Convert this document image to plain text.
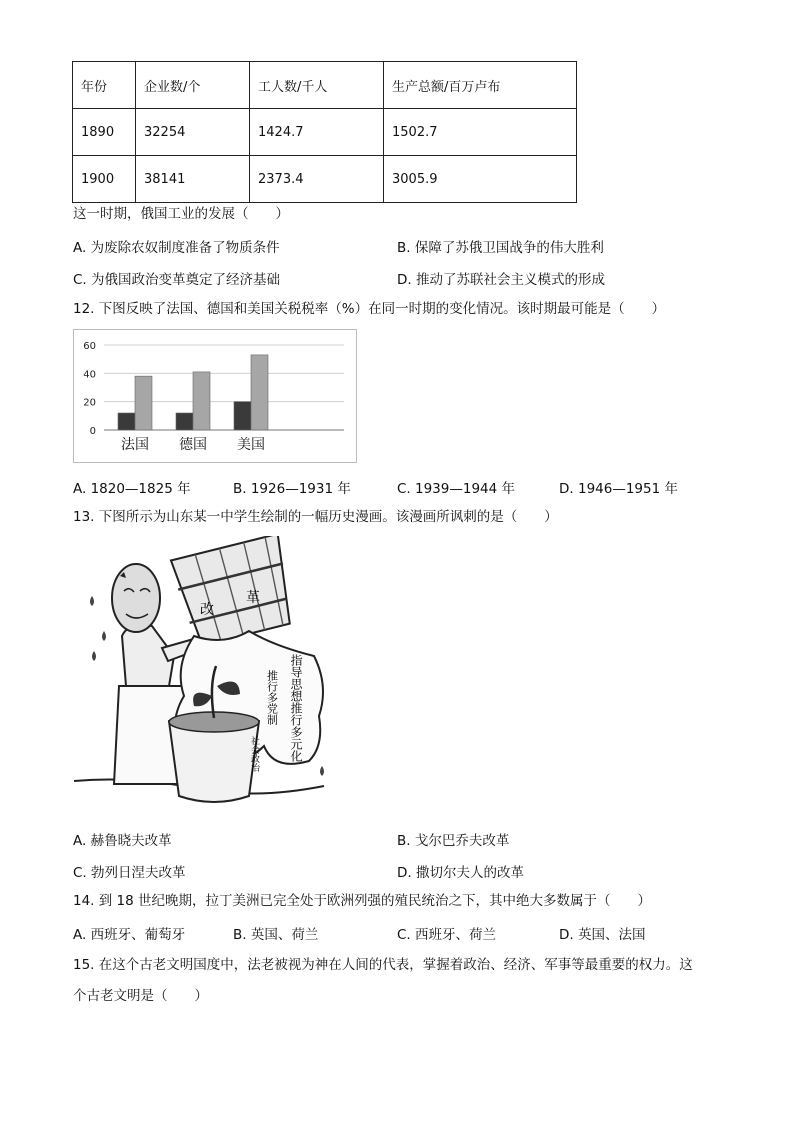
年份	企业数/个	工人数/千人	生产总额/百万卢布
1890	32254	1424.7	1502.7
1900	38141	2373.4	3005.9
这一时期，俄国工业的发展（　　）
A. 为废除农奴制度准备了物质条件	B. 保障了苏俄卫国战争的伟大胜利
C. 为俄国政治变革奠定了经济基础	D. 推动了苏联社会主义模式的形成
12. 下图反映了法国、德国和美国关税税率（%）在同一时期的变化情况。该时期最可能是（　　）
0
20
40
60
法国 德国 美国
A. 1820—1825 年	B. 1926—1931 年	C. 1939—1944 年	D. 1946—1951 年
13. 下图所示为山东某一中学生绘制的一幅历史漫画。该漫画所讽刺的是（　　）
改
革
指导思想推行多元化
推行多党制
社会政治
A. 赫鲁晓夫改革	B. 戈尔巴乔夫改革
C. 勃列日涅夫改革	D. 撒切尔夫人的改革
14. 到 18 世纪晚期，拉丁美洲已完全处于欧洲列强的殖民统治之下，其中绝大多数属于（　　）
A. 西班牙、葡萄牙	B. 英国、荷兰	C. 西班牙、荷兰	D. 英国、法国
15. 在这个古老文明国度中，法老被视为神在人间的代表，掌握着政治、经济、军事等最重要的权力。这
个古老文明是（　　）
